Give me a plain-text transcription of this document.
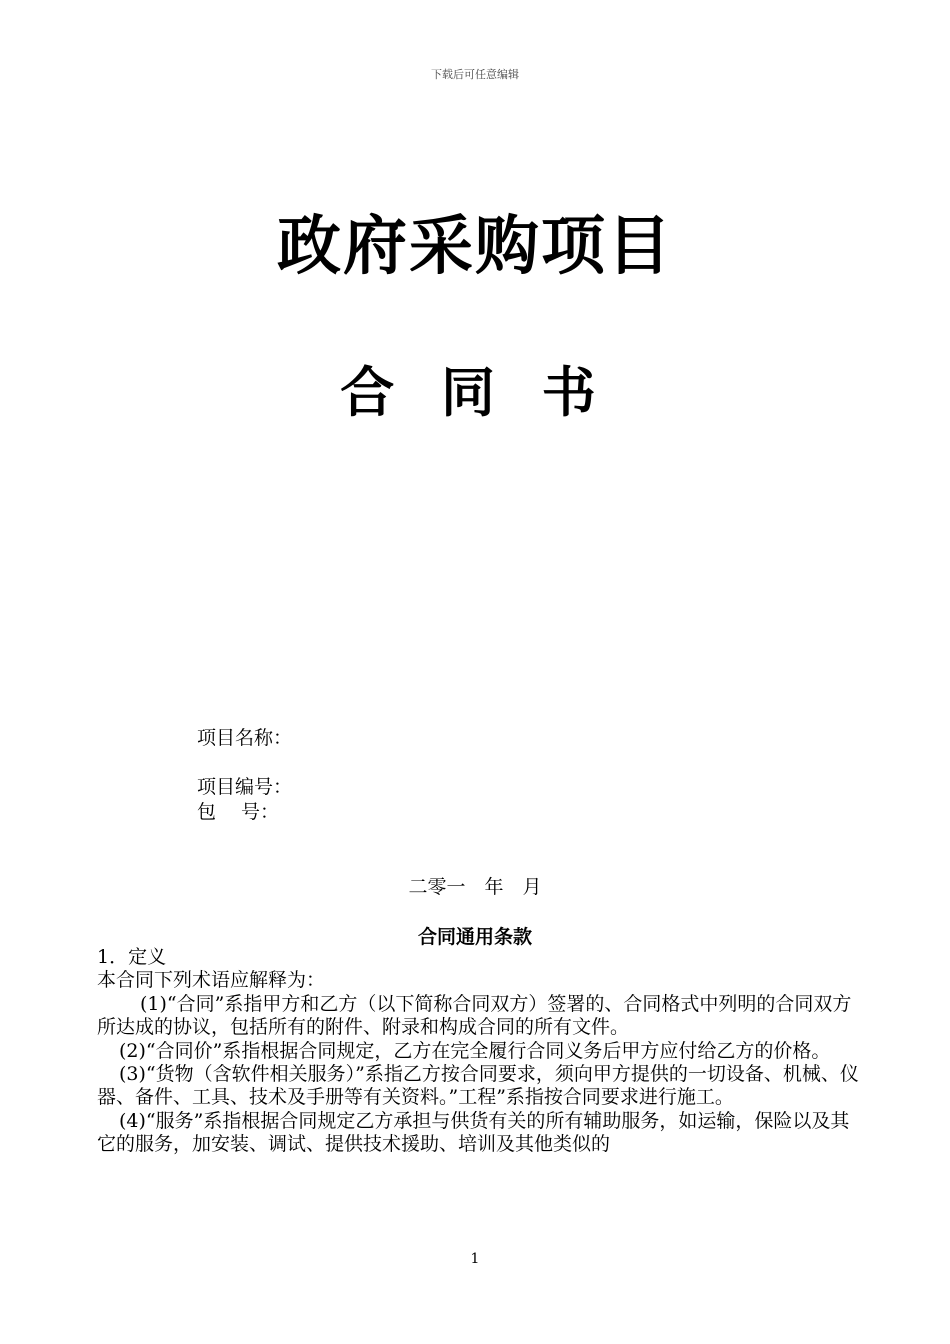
下载后可任意编辑
政府采购项目
合 同 书
项目名称：
项目编号：
包　 号：
二零一　年　月
合同通用条款

1．定义

本合同下列术语应解释为：

(1)“合同”系指甲方和乙方（以下简称合同双方）签署的、合同格式中列明的合同双方所达成的协议，包括所有的附件、附录和构成合同的所有文件。

(2)“合同价”系指根据合同规定，乙方在完全履行合同义务后甲方应付给乙方的价格。

(3)“货物（含软件相关服务）”系指乙方按合同要求，须向甲方提供的一切设备、机械、仪器、备件、工具、技术及手册等有关资料。”工程”系指按合同要求进行施工。

(4)“服务”系指根据合同规定乙方承担与供货有关的所有辅助服务，如运输，保险以及其它的服务，加安装、调试、提供技术援助、培训及其他类似的

1
